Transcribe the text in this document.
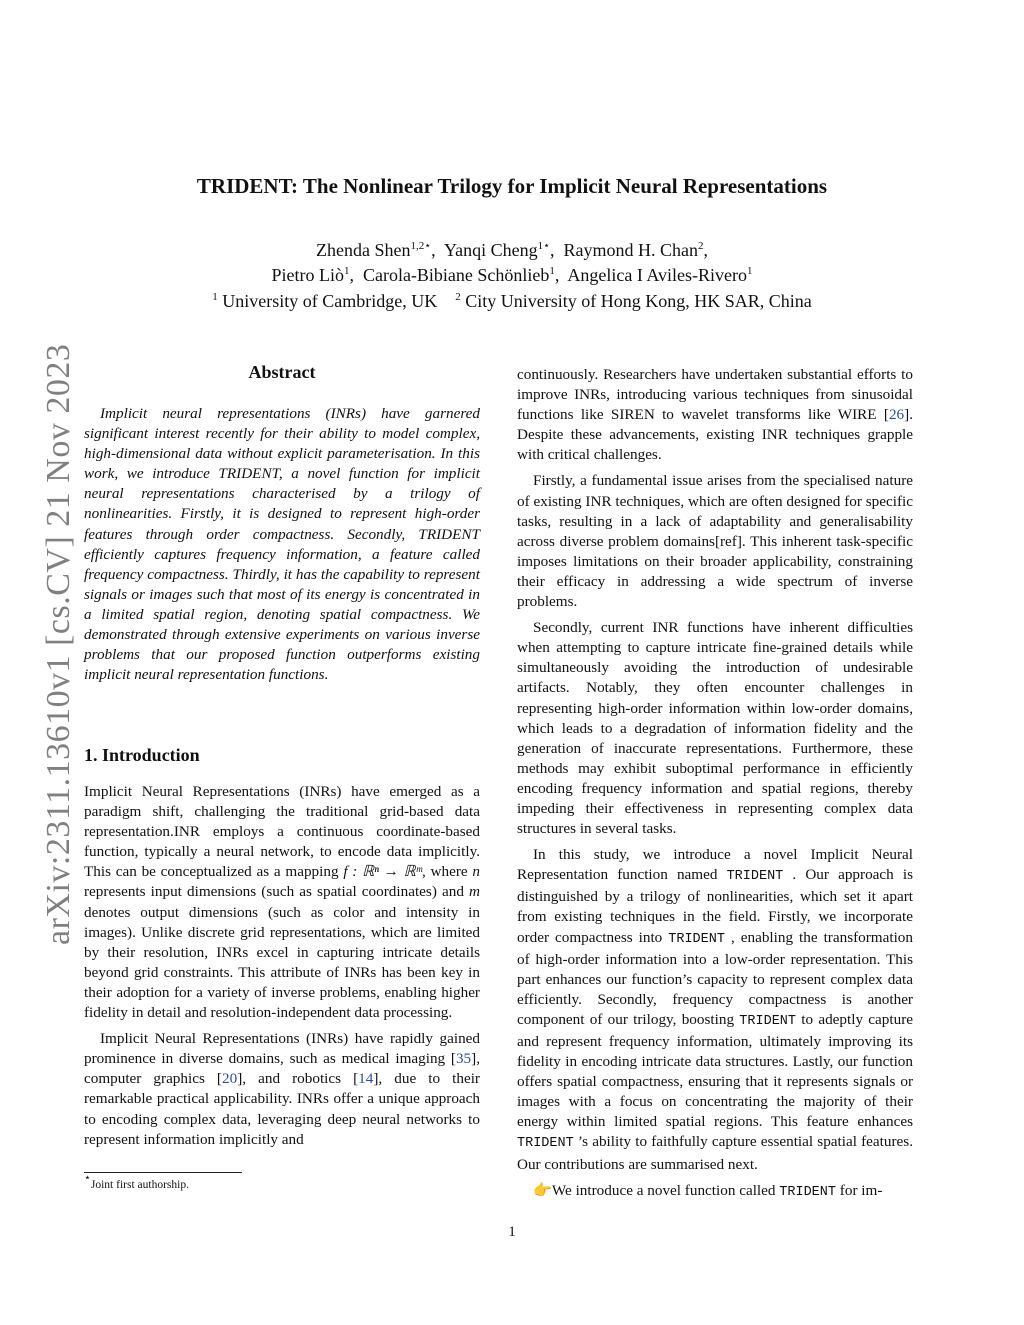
arXiv:2311.13610v1 [cs.CV] 21 Nov 2023
TRIDENT: The Nonlinear Trilogy for Implicit Neural Representations
Zhenda Shen$^{1,2⋆}$,  Yanqi Cheng$^{1⋆}$,  Raymond H. Chan$^2$,
Pietro Liò$^1$,  Carola-Bibiane Schönlieb$^1$,  Angelica I Aviles-Rivero$^1$
$^1$ University of Cambridge, UK $^2$ City University of Hong Kong, HK SAR, China
Abstract

Implicit neural representations (INRs) have garnered significant interest recently for their ability to model complex, high-dimensional data without explicit parameterisation. In this work, we introduce TRIDENT, a novel function for implicit neural representations characterised by a trilogy of nonlinearities. Firstly, it is designed to represent high-order features through order compactness. Secondly, TRIDENT efficiently captures frequency information, a feature called frequency compactness. Thirdly, it has the capability to represent signals or images such that most of its energy is concentrated in a limited spatial region, denoting spatial compactness. We demonstrated through extensive experiments on various inverse problems that our proposed function outperforms existing implicit neural representation functions.

1. Introduction

Implicit Neural Representations (INRs) have emerged as a paradigm shift, challenging the traditional grid-based data representation.INR employs a continuous coordinate-based function, typically a neural network, to encode data implicitly. This can be conceptualized as a mapping f : ℝⁿ → ℝᵐ, where n represents input dimensions (such as spatial coordinates) and m denotes output dimensions (such as color and intensity in images). Unlike discrete grid representations, which are limited by their resolution, INRs excel in capturing intricate details beyond grid constraints. This attribute of INRs has been key in their adoption for a variety of inverse problems, enabling higher fidelity in detail and resolution-independent data processing.

Implicit Neural Representations (INRs) have rapidly gained prominence in diverse domains, such as medical imaging [35], computer graphics [20], and robotics [14], due to their remarkable practical applicability. INRs offer a unique approach to encoding complex data, leveraging deep neural networks to represent information implicitly and

continuously. Researchers have undertaken substantial efforts to improve INRs, introducing various techniques from sinusoidal functions like SIREN to wavelet transforms like WIRE [26]. Despite these advancements, existing INR techniques grapple with critical challenges.

Firstly, a fundamental issue arises from the specialised nature of existing INR techniques, which are often designed for specific tasks, resulting in a lack of adaptability and generalisability across diverse problem domains[ref]. This inherent task-specific imposes limitations on their broader applicability, constraining their efficacy in addressing a wide spectrum of inverse problems.

Secondly, current INR functions have inherent difficulties when attempting to capture intricate fine-grained details while simultaneously avoiding the introduction of undesirable artifacts. Notably, they often encounter challenges in representing high-order information within low-order domains, which leads to a degradation of information fidelity and the generation of inaccurate representations. Furthermore, these methods may exhibit suboptimal performance in efficiently encoding frequency information and spatial regions, thereby impeding their effectiveness in representing complex data structures in several tasks.

In this study, we introduce a novel Implicit Neural Representation function named TRIDENT . Our approach is distinguished by a trilogy of nonlinearities, which set it apart from existing techniques in the field. Firstly, we incorporate order compactness into TRIDENT , enabling the transformation of high-order information into a low-order representation. This part enhances our function’s capacity to represent complex data efficiently. Secondly, frequency compactness is another component of our trilogy, boosting TRIDENT to adeptly capture and represent frequency information, ultimately improving its fidelity in encoding intricate data structures. Lastly, our function offers spatial compactness, ensuring that it represents signals or images with a focus on concentrating the majority of their energy within limited spatial regions. This feature enhances TRIDENT ’s ability to faithfully capture essential spatial features. Our contributions are summarised next.

👉We introduce a novel function called TRIDENT for im-

⋆Joint first authorship.
1
